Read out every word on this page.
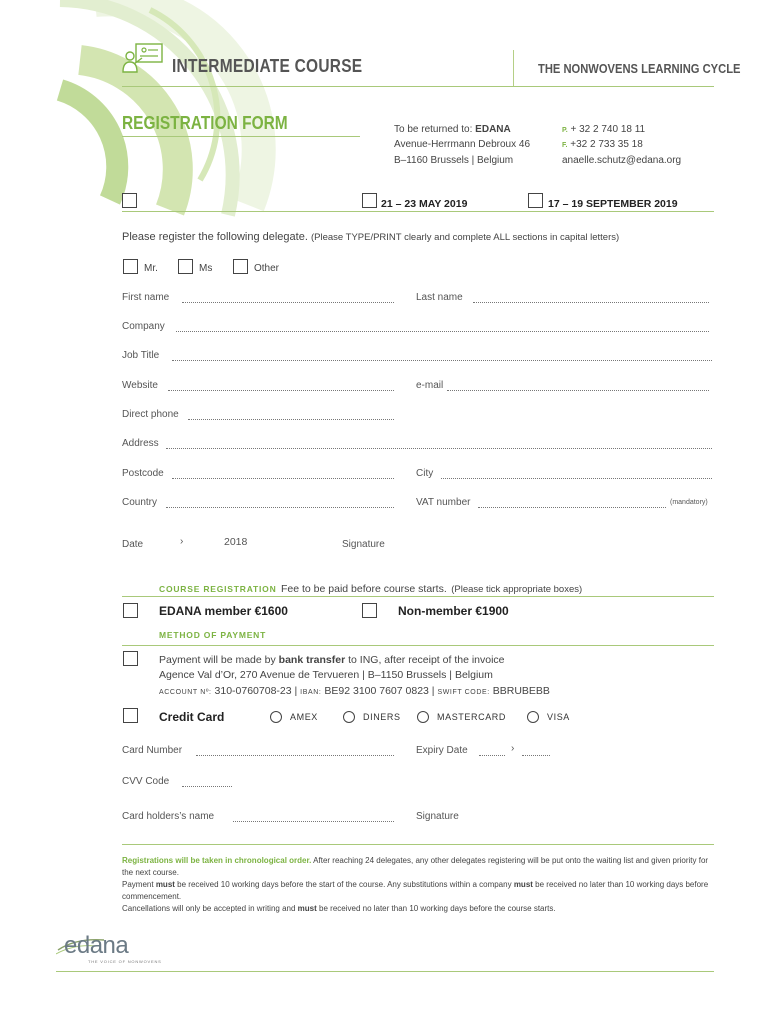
INTERMEDIATE COURSE	THE NONWOVENS LEARNING CYCLE
REGISTRATION FORM	To be returned to: EDANA
Avenue-Herrmann Debroux 46
B–1160 Brussels | Belgium
P. + 32 2 740 18 11
F. +32 2 733 35 18
anaelle.schutz@edana.org
21 – 23 MAY 2019	17 – 19 SEPTEMBER 2019
Please register the following delegate. (Please TYPE/PRINT clearly and complete ALL sections in capital letters)
Mr.	Ms	Other
First name	Last name
Company
Job Title
Website	e-mail
Direct phone
Address
Postcode	City
Country	VAT number	(mandatory)
Date	›	2018	Signature
COURSE REGISTRATION Fee to be paid before course starts. (Please tick appropriate boxes)
EDANA member €1600	Non-member €1900
METHOD OF PAYMENT
Payment will be made by bank transfer to ING, after receipt of the invoice
Agence Val d’Or, 270 Avenue de Tervueren | B–1150 Brussels | Belgium
ACCOUNT Nº: 310-0760708-23 | IBAN: BE92 3100 7607 0823 | SWIFT CODE: BBRUBEBB
Credit Card	AMEX	DINERS	MASTERCARD	VISA
Card Number	Expiry Date	›
CVV Code
Card holders’s name	Signature
Registrations will be taken in chronological order. After reaching 24 delegates, any other delegates registering will be put onto the waiting list and given priority for the next course.
Payment must be received 10 working days before the start of the course. Any substitutions within a company must be received no later than 10 working days before commencement.
Cancellations will only be accepted in writing and must be received no later than 10 working days before the course starts.
edana
THE VOICE OF NONWOVENS
